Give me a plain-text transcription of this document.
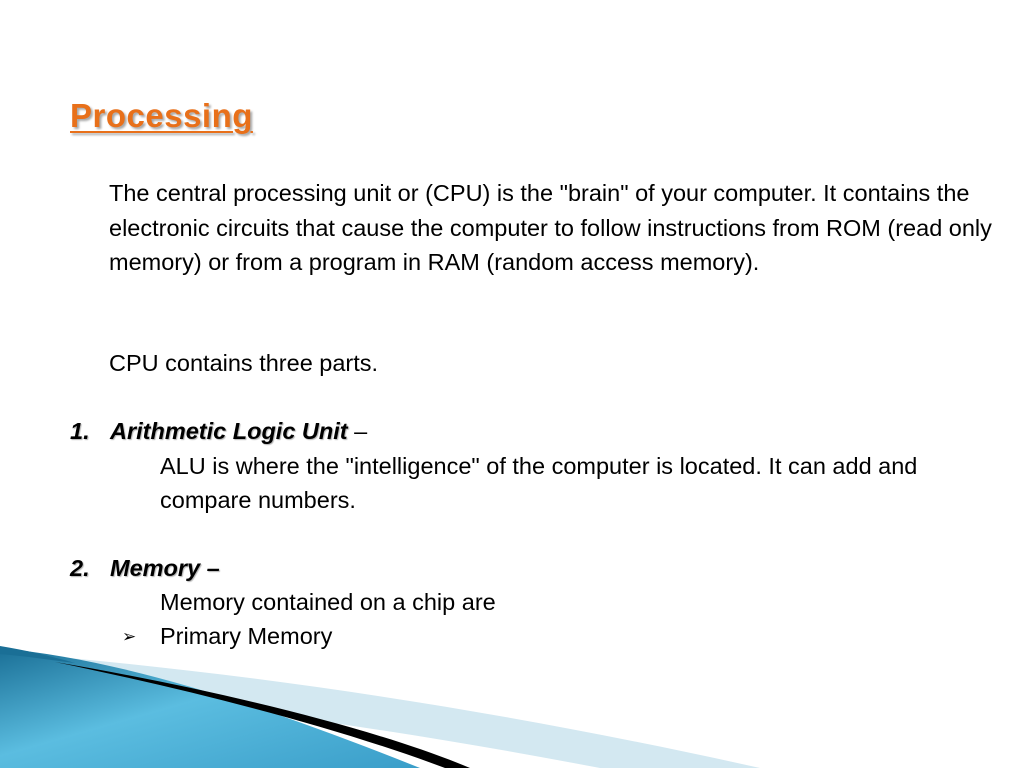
Processing

The central processing unit or (CPU) is the "brain" of your computer. It contains the electronic circuits that cause the computer to follow instructions from ROM (read only memory) or from a program in RAM (random access memory).

CPU contains three parts.

1. Arithmetic Logic Unit –

ALU is where the "intelligence" of the computer is located. It can add and compare numbers.

2. Memory –

Memory contained on a chip are

➢ Primary Memory
